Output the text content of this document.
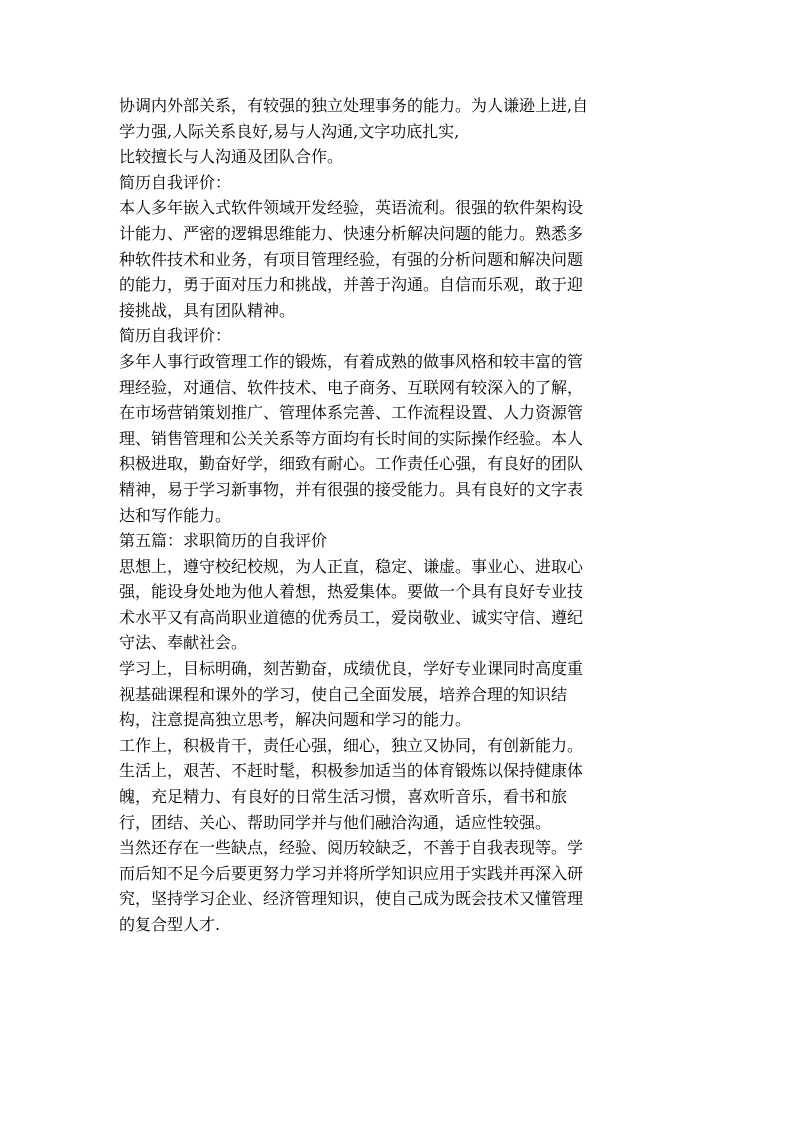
协调内外部关系，有较强的独立处理事务的能力。为人谦逊上进,自
学力强,人际关系良好,易与人沟通,文字功底扎实,

比较擅长与人沟通及团队合作。

简历自我评价：

本人多年嵌入式软件领域开发经验，英语流利。很强的软件架构设
计能力、严密的逻辑思维能力、快速分析解决问题的能力。熟悉多
种软件技术和业务，有项目管理经验，有强的分析问题和解决问题
的能力，勇于面对压力和挑战，并善于沟通。自信而乐观，敢于迎
接挑战，具有团队精神。

简历自我评价：

多年人事行政管理工作的锻炼，有着成熟的做事风格和较丰富的管
理经验，对通信、软件技术、电子商务、互联网有较深入的了解，
在市场营销策划推广、管理体系完善、工作流程设置、人力资源管
理、销售管理和公关关系等方面均有长时间的实际操作经验。本人
积极进取，勤奋好学，细致有耐心。工作责任心强，有良好的团队
精神，易于学习新事物，并有很强的接受能力。具有良好的文字表
达和写作能力。

第五篇：求职简历的自我评价

思想上，遵守校纪校规，为人正直，稳定、谦虚。事业心、进取心
强，能设身处地为他人着想，热爱集体。要做一个具有良好专业技
术水平又有高尚职业道德的优秀员工，爱岗敬业、诚实守信、遵纪
守法、奉献社会。

学习上，目标明确，刻苦勤奋，成绩优良，学好专业课同时高度重
视基础课程和课外的学习，使自己全面发展，培养合理的知识结
构，注意提高独立思考，解决问题和学习的能力。

工作上，积极肯干，责任心强，细心，独立又协同，有创新能力。

生活上，艰苦、不赶时髦，积极参加适当的体育锻炼以保持健康体
魄，充足精力、有良好的日常生活习惯，喜欢听音乐，看书和旅
行，团结、关心、帮助同学并与他们融洽沟通，适应性较强。

当然还存在一些缺点，经验、阅历较缺乏，不善于自我表现等。学
而后知不足今后要更努力学习并将所学知识应用于实践并再深入研
究，坚持学习企业、经济管理知识，使自己成为既会技术又懂管理
的复合型人才.
